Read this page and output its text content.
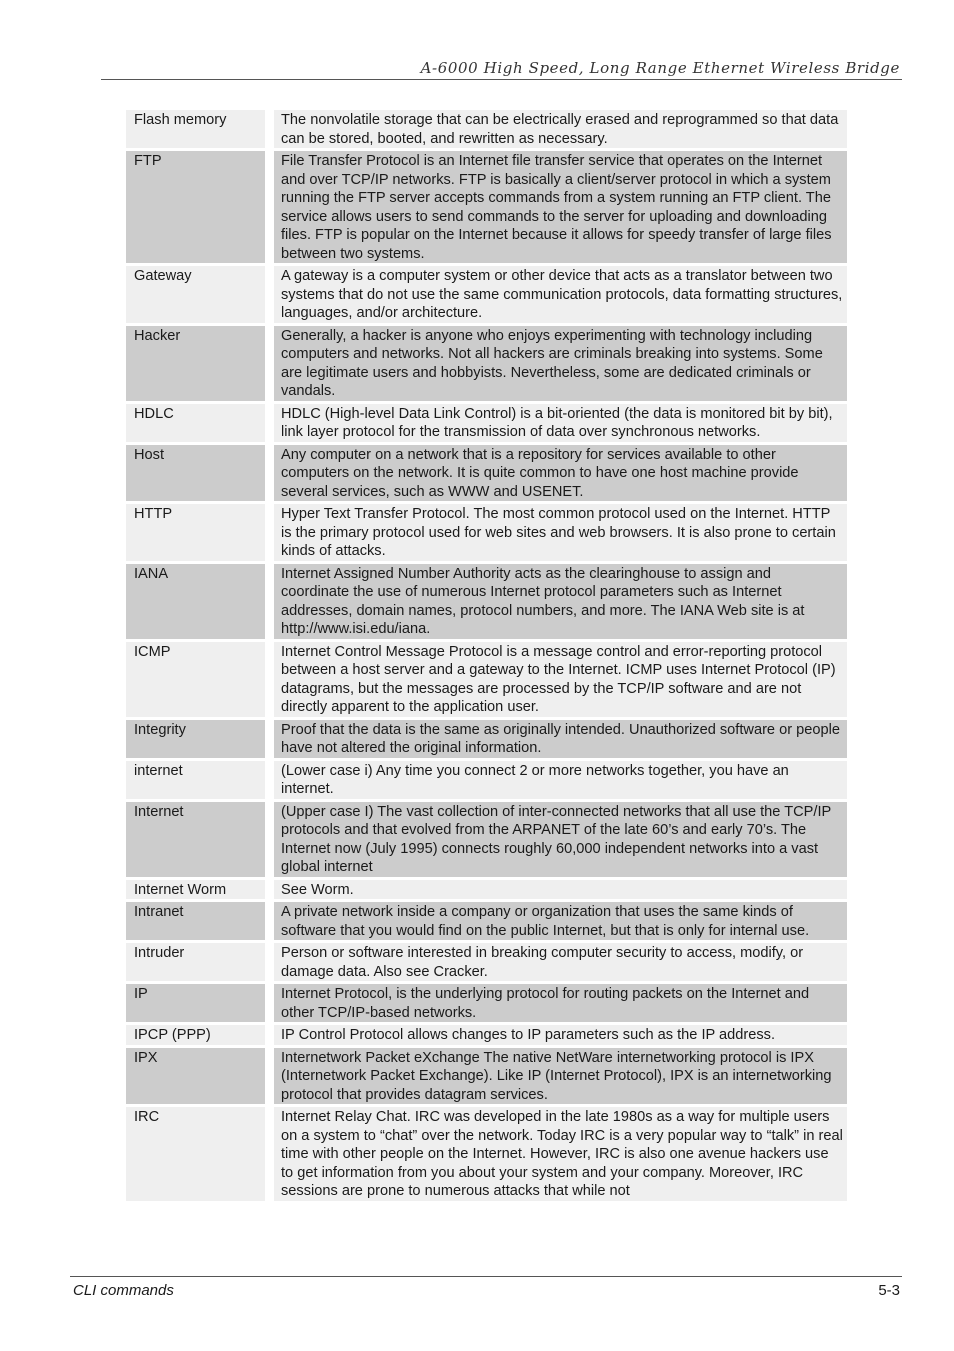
A-6000 High Speed, Long Range Ethernet Wireless Bridge
Flash memory	The nonvolatile storage that can be electrically erased and reprogrammed so that data can be stored, booted, and rewritten as necessary.
FTP	File Transfer Protocol is an Internet file transfer service that operates on the Internet and over TCP/IP networks. FTP is basically a client/server protocol in which a system running the FTP server accepts commands from a system running an FTP client. The service allows users to send commands to the server for uploading and downloading files. FTP is popular on the Internet because it allows for speedy transfer of large files between two systems.
Gateway	A gateway is a computer system or other device that acts as a translator between two systems that do not use the same communication protocols, data formatting structures, languages, and/or architecture.
Hacker	Generally, a hacker is anyone who enjoys experimenting with technology including computers and networks. Not all hackers are criminals breaking into systems. Some are legitimate users and hobbyists. Nevertheless, some are dedicated criminals or vandals.
HDLC	HDLC (High-level Data Link Control) is a bit-oriented (the data is monitored bit by bit), link layer protocol for the transmission of data over synchronous networks.
Host	Any computer on a network that is a repository for services available to other computers on the network. It is quite common to have one host machine provide several services, such as WWW and USENET.
HTTP	Hyper Text Transfer Protocol. The most common protocol used on the Internet. HTTP is the primary protocol used for web sites and web browsers. It is also prone to certain kinds of attacks.
IANA	Internet Assigned Number Authority acts as the clearinghouse to assign and coordinate the use of numerous Internet protocol parameters such as Internet addresses, domain names, protocol numbers, and more. The IANA Web site is at http://www.isi.edu/iana.
ICMP	Internet Control Message Protocol is a message control and error-reporting protocol between a host server and a gateway to the Internet. ICMP uses Internet Protocol (IP) datagrams, but the messages are processed by the TCP/IP software and are not directly apparent to the application user.
Integrity	Proof that the data is the same as originally intended. Unauthorized software or people have not altered the original information.
internet	(Lower case i) Any time you connect 2 or more networks together, you have an internet.
Internet	(Upper case I) The vast collection of inter-connected networks that all use the TCP/IP protocols and that evolved from the ARPANET of the late 60’s and early 70’s. The Internet now (July 1995) connects roughly 60,000 independent networks into a vast global internet
Internet Worm	See Worm.
Intranet	A private network inside a company or organization that uses the same kinds of software that you would find on the public Internet, but that is only for internal use.
Intruder	Person or software interested in breaking computer security to access, modify, or damage data. Also see Cracker.
IP	Internet Protocol, is the underlying protocol for routing packets on the Internet and other TCP/IP-based networks.
IPCP (PPP)	IP Control Protocol allows changes to IP parameters such as the IP address.
IPX	Internetwork Packet eXchange The native NetWare internetworking protocol is IPX (Internetwork Packet Exchange). Like IP (Internet Protocol), IPX is an internetworking protocol that provides datagram services.
IRC	Internet Relay Chat. IRC was developed in the late 1980s as a way for multiple users on a system to “chat” over the network. Today IRC is a very popular way to “talk” in real time with other people on the Internet. However, IRC is also one avenue hackers use to get information from you about your system and your company. Moreover, IRC sessions are prone to numerous attacks that while not
CLI commands	5-3
